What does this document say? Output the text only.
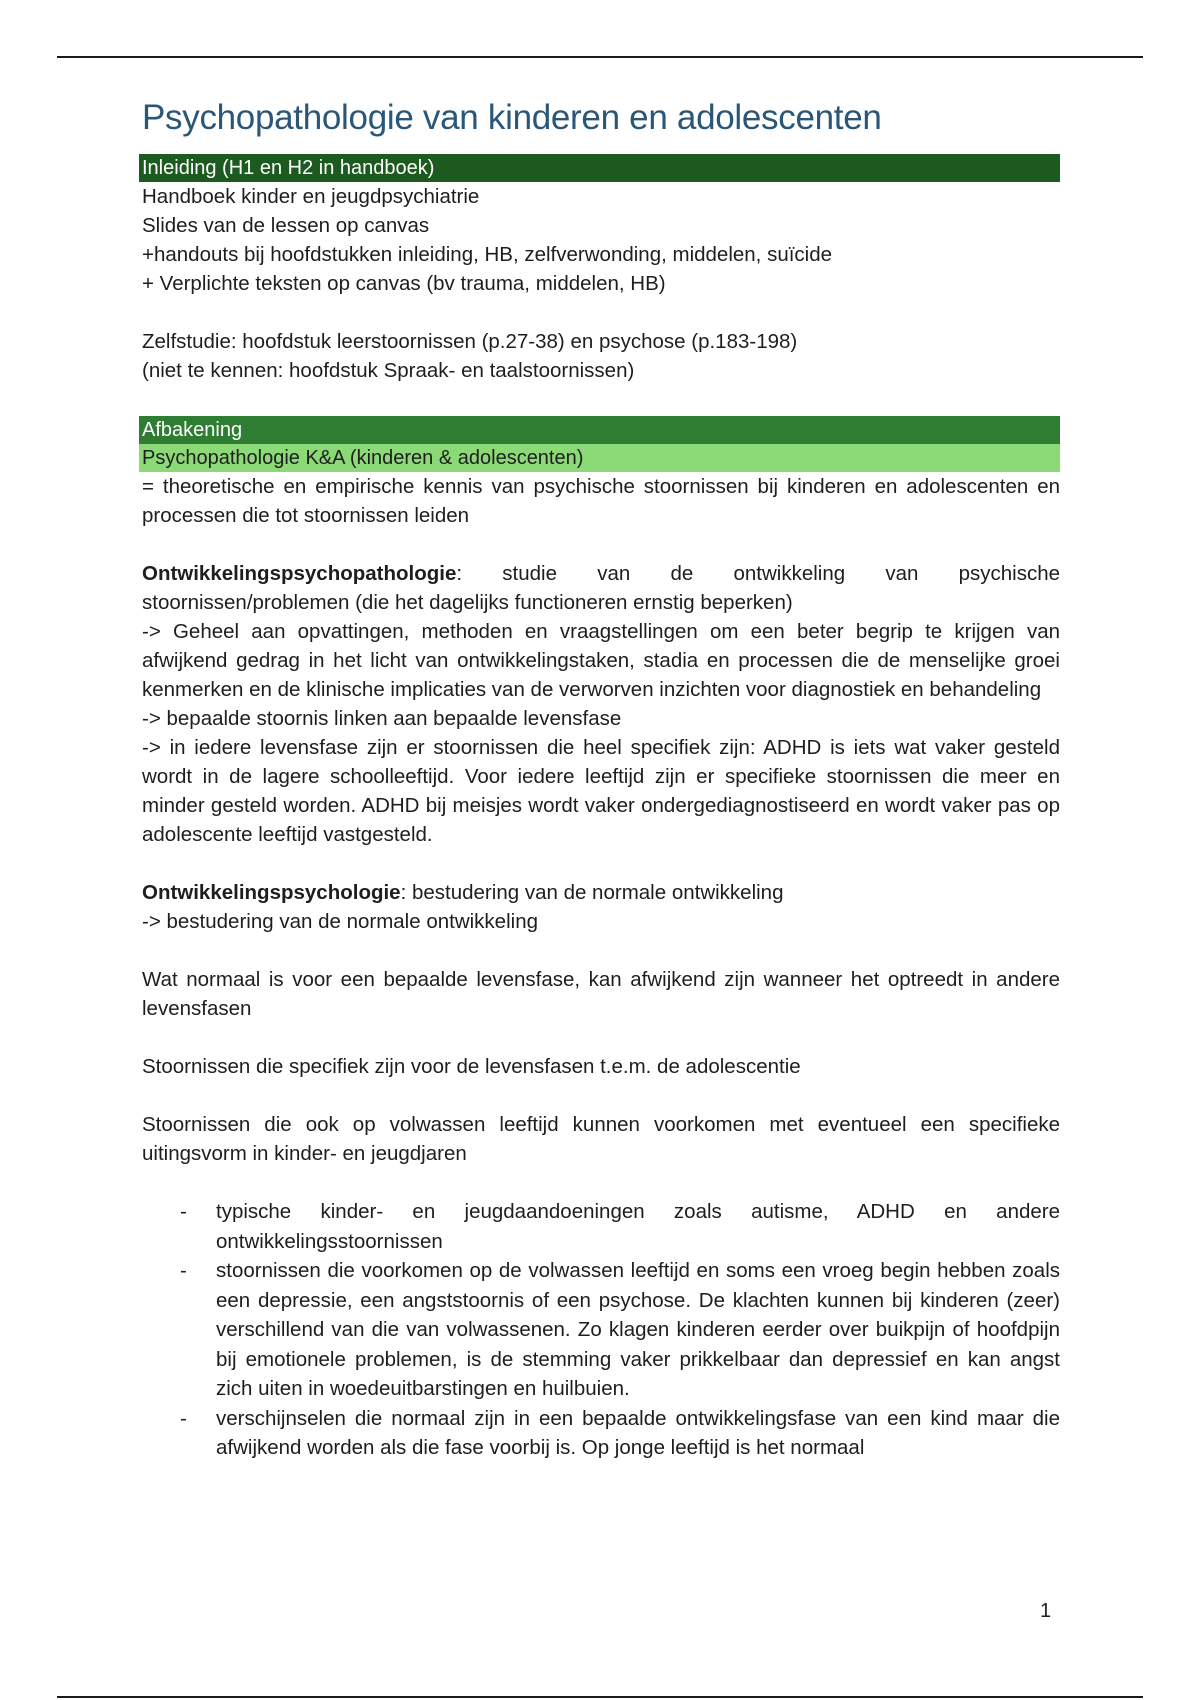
Psychopathologie van kinderen en adolescenten
Inleiding (H1 en H2 in handboek)

Handboek kinder en jeugdpsychiatrie

Slides van de lessen op canvas

+handouts bij hoofdstukken inleiding, HB, zelfverwonding, middelen, suïcide

+ Verplichte teksten op canvas (bv trauma, middelen, HB)

Zelfstudie: hoofdstuk leerstoornissen (p.27-38) en psychose (p.183-198)

(niet te kennen: hoofdstuk Spraak- en taalstoornissen)

Afbakening
Psychopathologie K&A (kinderen & adolescenten)

= theoretische en empirische kennis van psychische stoornissen bij kinderen en adolescenten en processen die tot stoornissen leiden

Ontwikkelingspsychopathologie: studie van de ontwikkeling van psychische stoornissen/problemen (die het dagelijks functioneren ernstig beperken)

-> Geheel aan opvattingen, methoden en vraagstellingen om een beter begrip te krijgen van afwijkend gedrag in het licht van ontwikkelingstaken, stadia en processen die de menselijke groei kenmerken en de klinische implicaties van de verworven inzichten voor diagnostiek en behandeling

-> bepaalde stoornis linken aan bepaalde levensfase

-> in iedere levensfase zijn er stoornissen die heel specifiek zijn: ADHD is iets wat vaker gesteld wordt in de lagere schoolleeftijd. Voor iedere leeftijd zijn er specifieke stoornissen die meer en minder gesteld worden. ADHD bij meisjes wordt vaker ondergediagnostiseerd en wordt vaker pas op adolescente leeftijd vastgesteld.

Ontwikkelingspsychologie: bestudering van de normale ontwikkeling

-> bestudering van de normale ontwikkeling

Wat normaal is voor een bepaalde levensfase, kan afwijkend zijn wanneer het optreedt in andere levensfasen

Stoornissen die specifiek zijn voor de levensfasen t.e.m. de adolescentie

Stoornissen die ook op volwassen leeftijd kunnen voorkomen met eventueel een specifieke uitingsvorm in kinder- en jeugdjaren

- typische kinder- en jeugdaandoeningen zoals autisme, ADHD en andere ontwikkelingsstoornissen
- stoornissen die voorkomen op de volwassen leeftijd en soms een vroeg begin hebben zoals een depressie, een angststoornis of een psychose. De klachten kunnen bij kinderen (zeer) verschillend van die van volwassenen. Zo klagen kinderen eerder over buikpijn of hoofdpijn bij emotionele problemen, is de stemming vaker prikkelbaar dan depressief en kan angst zich uiten in woedeuitbarstingen en huilbuien.
- verschijnselen die normaal zijn in een bepaalde ontwikkelingsfase van een kind maar die afwijkend worden als die fase voorbij is. Op jonge leeftijd is het normaal
1
